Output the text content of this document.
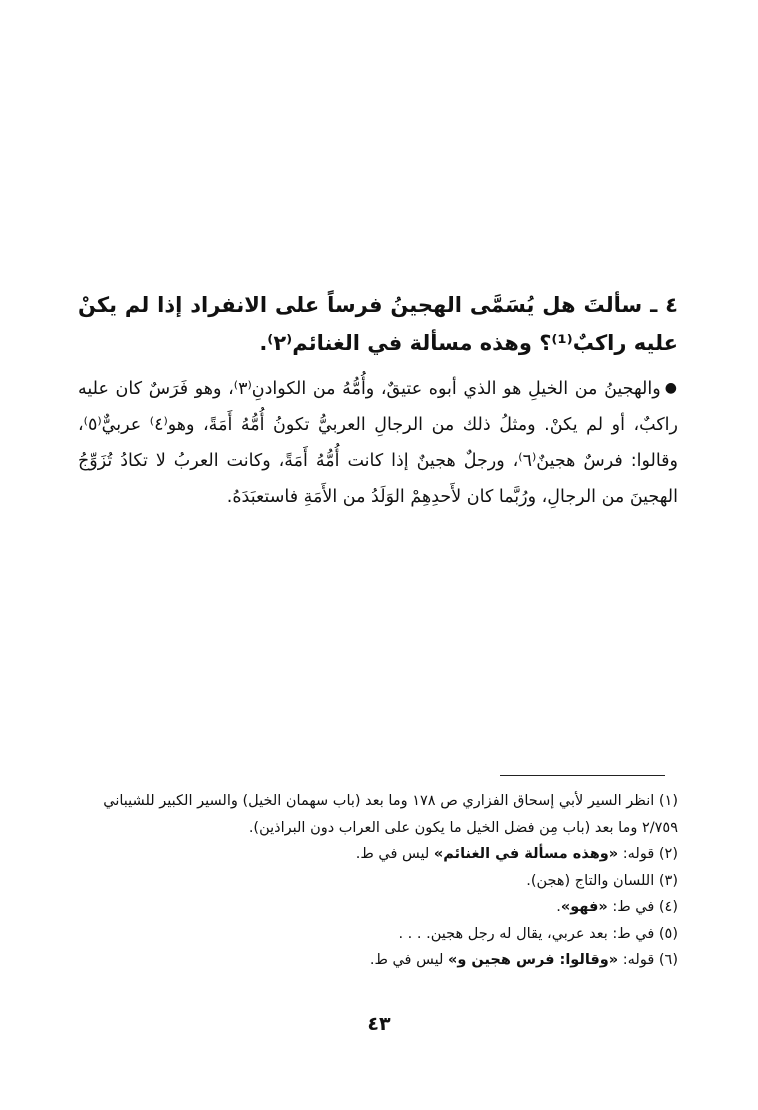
٤ ـ سألتَ هل يُسَمَّى الهجينُ فرساً على الانفراد إذا لم يكنْ عليه راكبٌ⁽¹⁾؟ وهذه مسألة في الغنائم⁽٢⁾.

●والهجينُ من الخيلِ هو الذي أبوه عتيقٌ، وأُمُّهُ من الكوادنِ⁽٣⁾، وهو فَرَسٌ كان عليه راكبٌ، أو لم يكنْ. ومثلُ ذلك من الرجالِ العربيُّ تكونُ أُمُّهُ أَمَةً، وهو⁽٤⁾ عربيٌّ⁽٥⁾، وقالوا: فرسٌ هجينٌ⁽٦⁾، ورجلٌ هجينٌ إذا كانت أُمُّهُ أَمَةً، وكانت العربُ لا تكادُ تُزَوِّجُ الهجينَ من الرجالِ، ورُبَّما كان لأَحدِهِمْ الوَلَدُ من الأَمَةِ فاستعبَدَهُ.

(١) انظر السير لأبي إسحاق الفزاري ص ١٧٨ وما بعد (باب سهمان الخيل) والسير الكبير للشيباني ٢/٧٥٩ وما بعد (باب مِن فضل الخيل ما يكون على العراب دون البراذين).

(٢) قوله: «وهذه مسألة في الغنائم» ليس في ط.

(٣) اللسان والتاج (هجن).

(٤) في ط: «فهو».

(٥) في ط: بعد عربي، يقال له رجل هجين. . . .

(٦) قوله: «وقالوا: فرس هجين و» ليس في ط.

٤٣
